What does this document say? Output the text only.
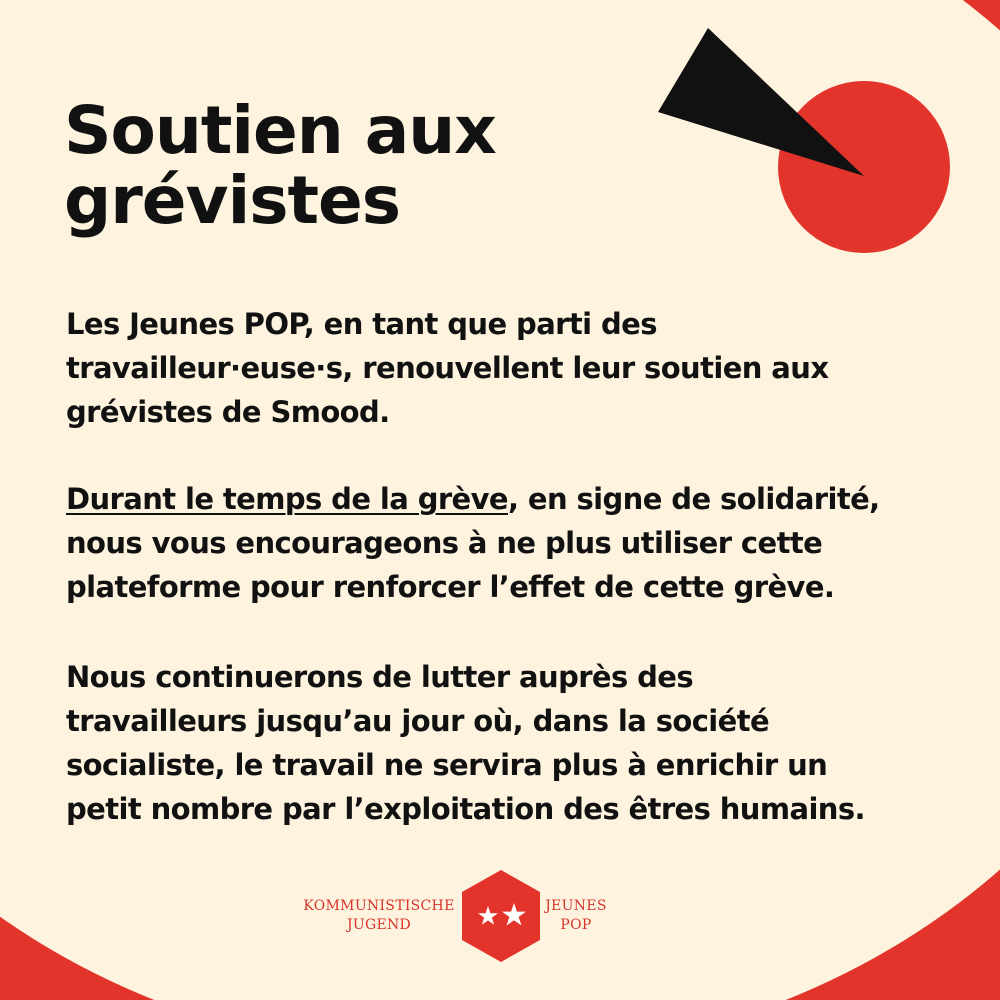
Soutien aux
grévistes

Les Jeunes POP, en tant que parti des
travailleur·euse·s, renouvellent leur soutien aux
grévistes de Smood.

Durant le temps de la grève, en signe de solidarité,
nous vous encourageons à ne plus utiliser cette
plateforme pour renforcer l’effet de cette grève.

Nous continuerons de lutter auprès des
travailleurs jusqu’au jour où, dans la société
socialiste, le travail ne servira plus à enrichir un
petit nombre par l’exploitation des êtres humains.

KOMMUNISTISCHE
JUGEND
JEUNES
POP
